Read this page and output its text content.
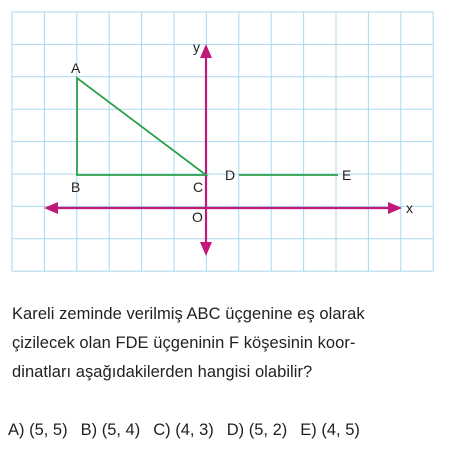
A
B	C
D	E
O
x
y
Kareli zeminde verilmiş ABC üçgenine eş olarak
çizilecek olan FDE üçgeninin F köşesinin koor-
dinatları aşağıdakilerden hangisi olabilir?
A) (5, 5) B) (5, 4) C) (4, 3) D) (5, 2) E) (4, 5)
